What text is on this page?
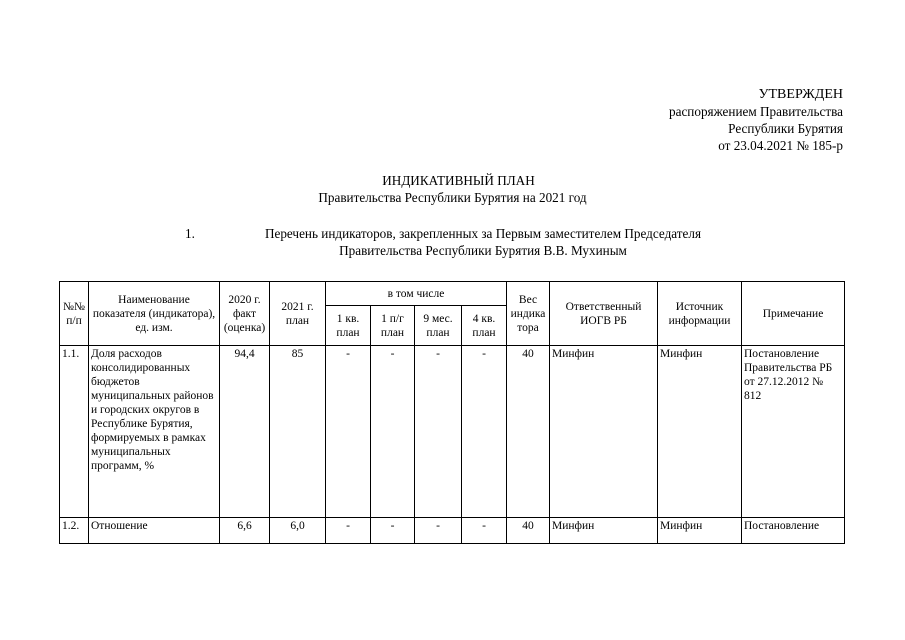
УТВЕРЖДЕН
распоряжением Правительства
Республики Бурятия
от 23.04.2021 № 185-р
ИНДИКАТИВНЫЙ ПЛАН
Правительства Республики Бурятия на 2021 год
1.	Перечень индикаторов, закрепленных за Первым заместителем Председателя
Правительства Республики Бурятия В.В. Мухиным
№№ п/п	Наименование показателя (индикатора), ед. изм.	2020 г. факт (оценка)	2021 г. план	в том числе				Вес индика тора	Ответственный ИОГВ РБ	Источник информации	Примечание
				1 кв. план	1 п/г план	9 мес. план	4 кв. план				
1.1.	Доля расходов консолидированных бюджетов муниципальных районов и городских округов в Республике Бурятия, формируемых в рамках муниципальных программ, %	94,4	85	-	-	-	-	40	Минфин	Минфин	Постановление Правительства РБ от 27.12.2012 № 812
1.2.	Отношение	6,6	6,0	-	-	-	-	40	Минфин	Минфин	Постановление
